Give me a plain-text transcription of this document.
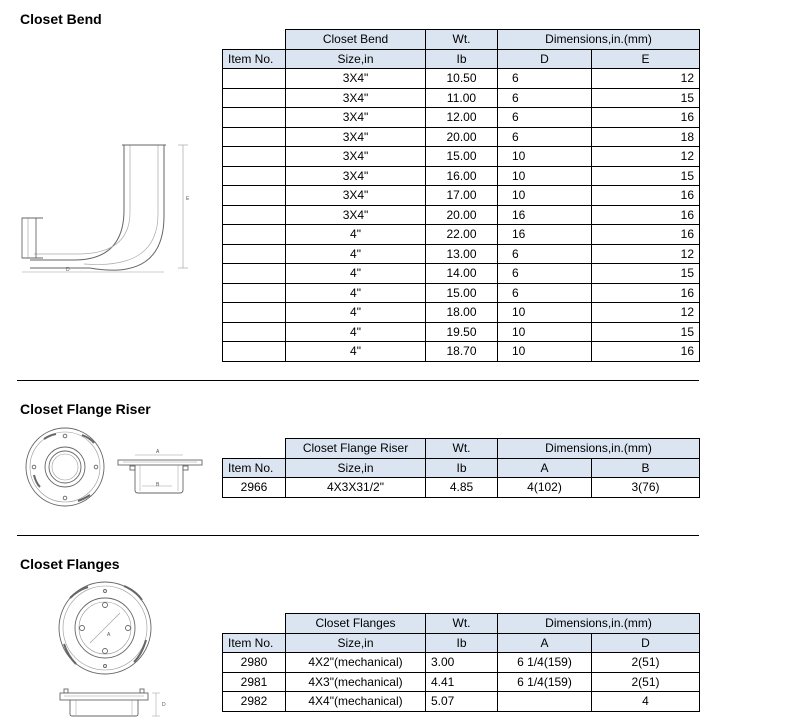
Closet Bend
E
D
	Closet Bend	Wt.	Dimensions,in.(mm)	
Item No.	Size,in	Ib	D	E
	3X4"	10.50	6	12
	3X4"	11.00	6	15
	3X4"	12.00	6	16
	3X4"	20.00	6	18
	3X4"	15.00	10	12
	3X4"	16.00	10	15
	3X4"	17.00	10	16
	3X4"	20.00	16	16
	4"	22.00	16	16
	4"	13.00	6	12
	4"	14.00	6	15
	4"	15.00	6	16
	4"	18.00	10	12
	4"	19.50	10	15
	4"	18.70	10	16
Closet Flange Riser
A
B
	Closet Flange Riser	Wt.	Dimensions,in.(mm)	
Item No.	Size,in	Ib	A	B
2966	4X3X31/2"	4.85	4(102)	3(76)
Closet Flanges
A
D
	Closet Flanges	Wt.	Dimensions,in.(mm)	
Item No.	Size,in	Ib	A	D
2980	4X2"(mechanical)	3.00	6 1/4(159)	2(51)
2981	4X3"(mechanical)	4.41	6 1/4(159)	2(51)
2982	4X4"(mechanical)	5.07		4
